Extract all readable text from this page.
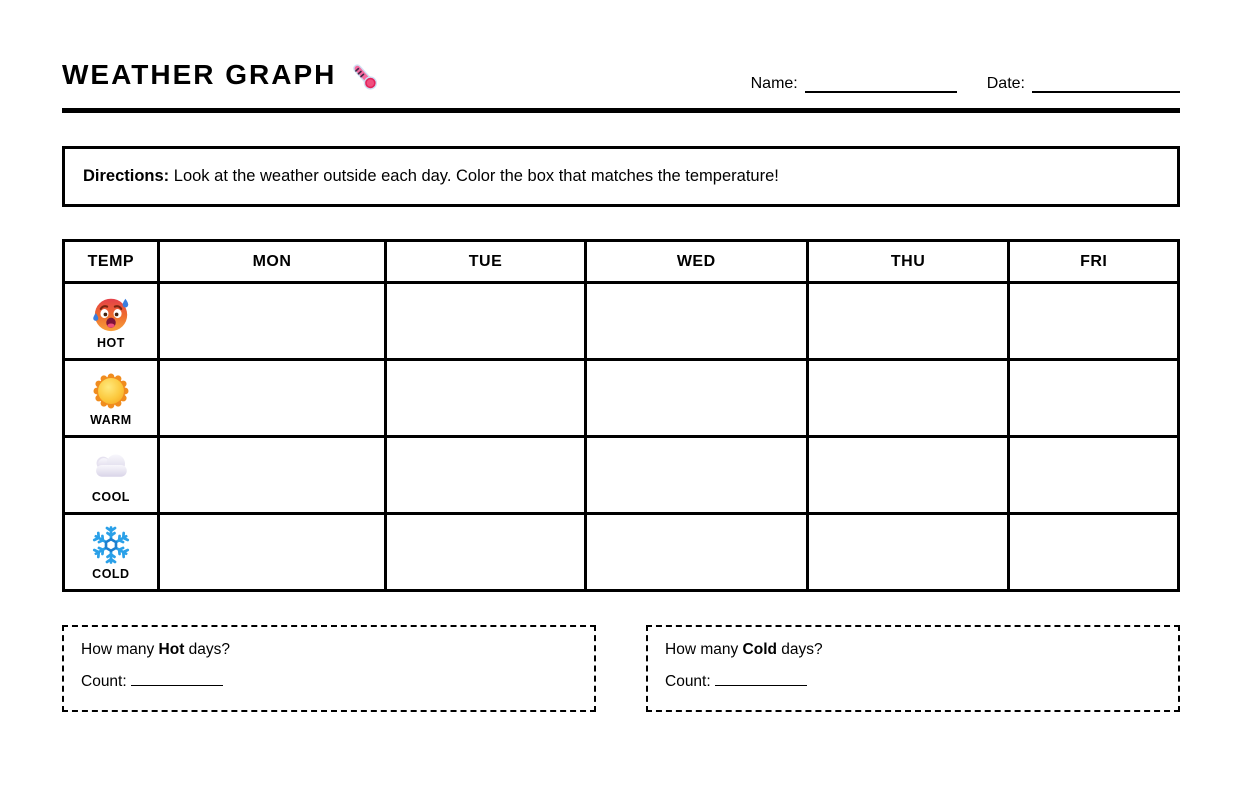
WEATHER GRAPH	Name:	Date:

Directions: Look at the weather outside each day. Color the box that matches the temperature!

TEMP	MON	TUE	WED	THU	FRI

HOT					

WARM					

COOL					

COLD					

How many Hot days?

Count:

How many Cold days?

Count:
